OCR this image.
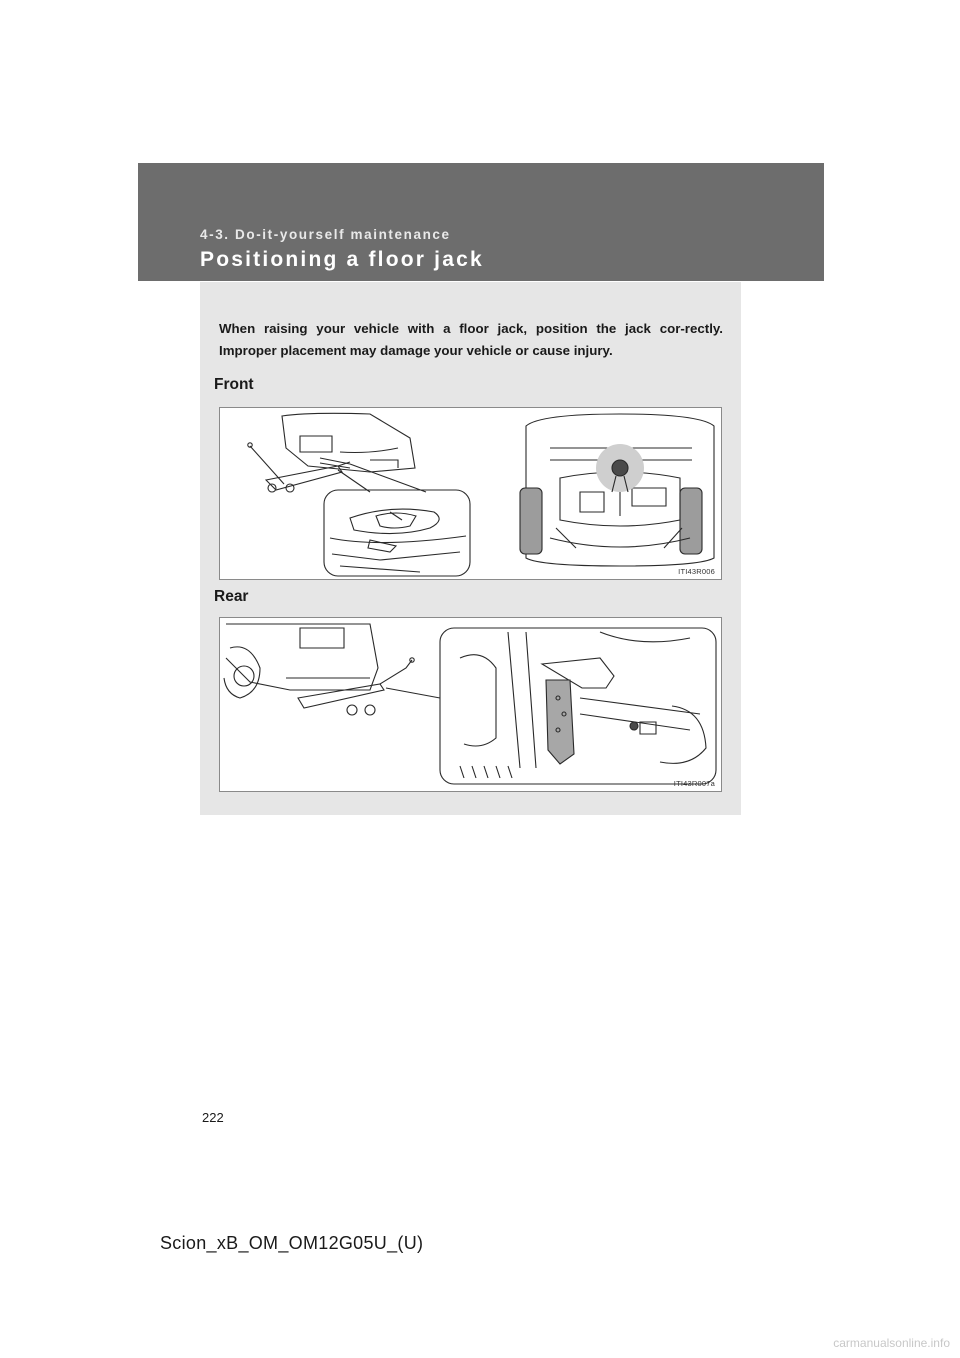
4-3. Do-it-yourself maintenance
Positioning a floor jack
When raising your vehicle with a floor jack, position the jack cor-rectly. Improper placement may damage your vehicle or cause injury.
Front
ITI43R006
Rear
ITI43R007a
222
Scion_xB_OM_OM12G05U_(U)
carmanualsonline.info
